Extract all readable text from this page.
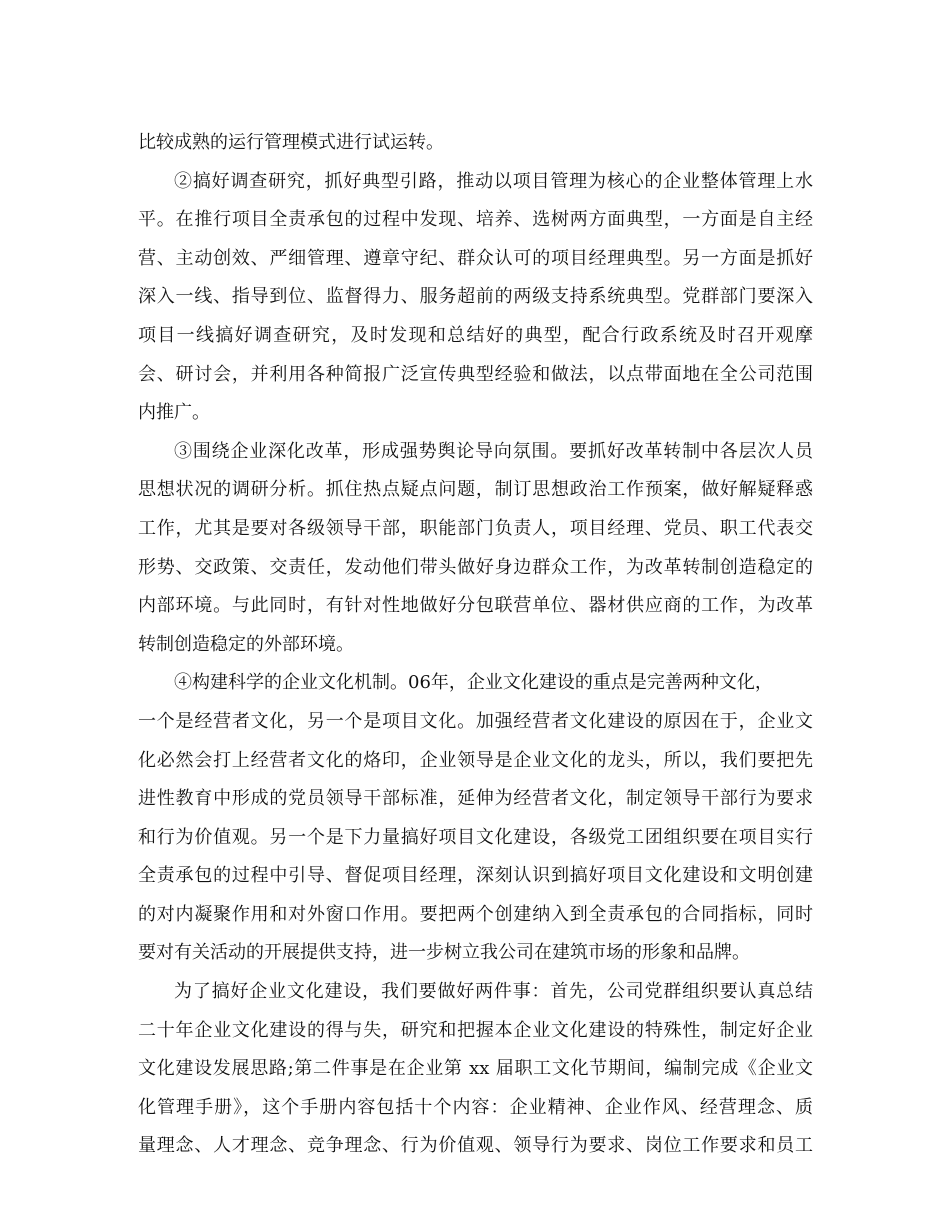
比较成熟的运行管理模式进行试运转。
②搞好调查研究，抓好典型引路，推动以项目管理为核心的企业整体管理上水
平。在推行项目全责承包的过程中发现、培养、选树两方面典型，一方面是自主经
营、主动创效、严细管理、遵章守纪、群众认可的项目经理典型。另一方面是抓好
深入一线、指导到位、监督得力、服务超前的两级支持系统典型。党群部门要深入
项目一线搞好调查研究，及时发现和总结好的典型，配合行政系统及时召开观摩
会、研讨会，并利用各种简报广泛宣传典型经验和做法，以点带面地在全公司范围
内推广。
③围绕企业深化改革，形成强势舆论导向氛围。要抓好改革转制中各层次人员
思想状况的调研分析。抓住热点疑点问题，制订思想政治工作预案，做好解疑释惑
工作，尤其是要对各级领导干部，职能部门负责人，项目经理、党员、职工代表交
形势、交政策、交责任，发动他们带头做好身边群众工作，为改革转制创造稳定的
内部环境。与此同时，有针对性地做好分包联营单位、器材供应商的工作，为改革
转制创造稳定的外部环境。
④构建科学的企业文化机制。06年，企业文化建设的重点是完善两种文化，
一个是经营者文化，另一个是项目文化。加强经营者文化建设的原因在于，企业文
化必然会打上经营者文化的烙印，企业领导是企业文化的龙头，所以，我们要把先
进性教育中形成的党员领导干部标准，延伸为经营者文化，制定领导干部行为要求
和行为价值观。另一个是下力量搞好项目文化建设，各级党工团组织要在项目实行
全责承包的过程中引导、督促项目经理，深刻认识到搞好项目文化建设和文明创建
的对内凝聚作用和对外窗口作用。要把两个创建纳入到全责承包的合同指标，同时
要对有关活动的开展提供支持，进一步树立我公司在建筑市场的形象和品牌。
为了搞好企业文化建设，我们要做好两件事：首先，公司党群组织要认真总结
二十年企业文化建设的得与失，研究和把握本企业文化建设的特殊性，制定好企业
文化建设发展思路;第二件事是在企业第 xx 届职工文化节期间，编制完成《企业文
化管理手册》，这个手册内容包括十个内容：企业精神、企业作风、经营理念、质
量理念、人才理念、竞争理念、行为价值观、领导行为要求、岗位工作要求和员工
